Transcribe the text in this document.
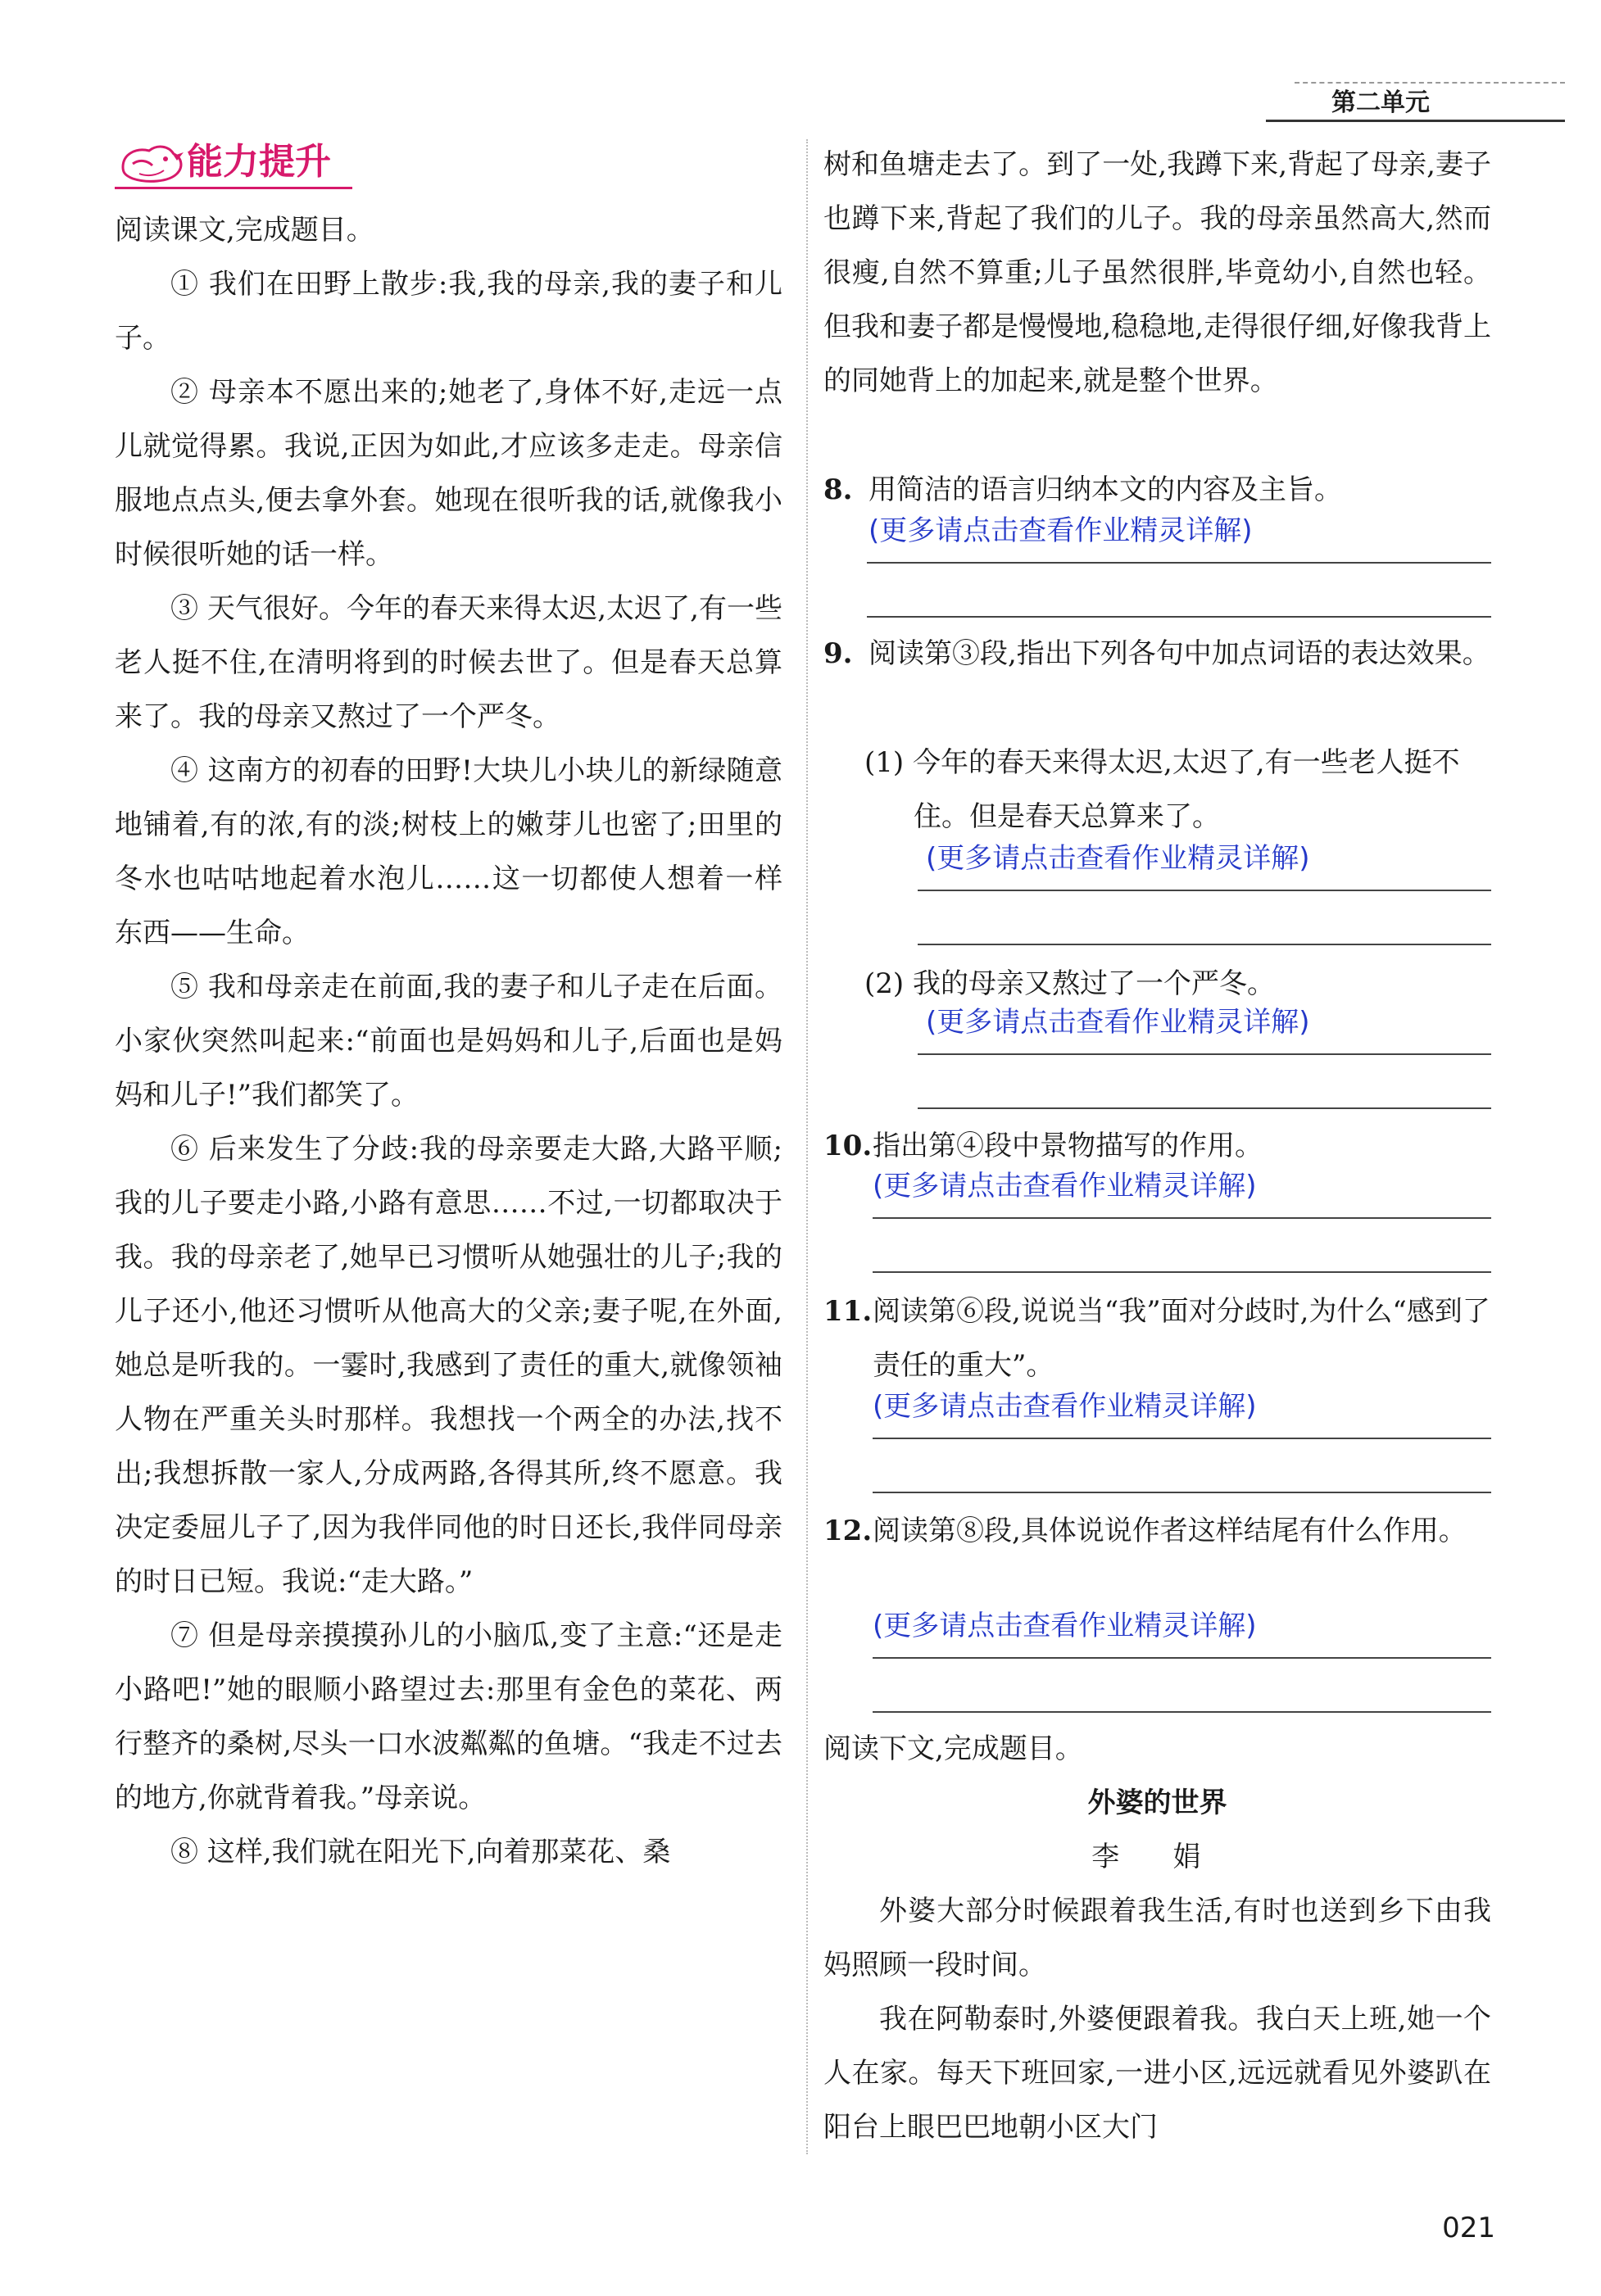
第二单元
能力提升

阅读课文,完成题目。

① 我们在田野上散步:我,我的母亲,我的妻子和儿子。

② 母亲本不愿出来的;她老了,身体不好,走远一点儿就觉得累。我说,正因为如此,才应该多走走。母亲信服地点点头,便去拿外套。她现在很听我的话,就像我小时候很听她的话一样。

③ 天气很好。今年的春天来得太迟,太迟了,有一些老人挺不住,在清明将到的时候去世了。但是春天总算来了。我的母亲又熬过了一个严冬。

④ 这南方的初春的田野!大块儿小块儿的新绿随意地铺着,有的浓,有的淡;树枝上的嫩芽儿也密了;田里的冬水也咕咕地起着水泡儿……这一切都使人想着一样东西——生命。

⑤ 我和母亲走在前面,我的妻子和儿子走在后面。小家伙突然叫起来:“前面也是妈妈和儿子,后面也是妈妈和儿子!”我们都笑了。

⑥ 后来发生了分歧:我的母亲要走大路,大路平顺;我的儿子要走小路,小路有意思……不过,一切都取决于我。我的母亲老了,她早已习惯听从她强壮的儿子;我的儿子还小,他还习惯听从他高大的父亲;妻子呢,在外面,她总是听我的。一霎时,我感到了责任的重大,就像领袖人物在严重关头时那样。我想找一个两全的办法,找不出;我想拆散一家人,分成两路,各得其所,终不愿意。我决定委屈儿子了,因为我伴同他的时日还长,我伴同母亲的时日已短。我说:“走大路。”

⑦ 但是母亲摸摸孙儿的小脑瓜,变了主意:“还是走小路吧!”她的眼顺小路望过去:那里有金色的菜花、两行整齐的桑树,尽头一口水波粼粼的鱼塘。“我走不过去的地方,你就背着我。”母亲说。

⑧ 这样,我们就在阳光下,向着那菜花、桑

树和鱼塘走去了。到了一处,我蹲下来,背起了母亲,妻子也蹲下来,背起了我们的儿子。我的母亲虽然高大,然而很瘦,自然不算重;儿子虽然很胖,毕竟幼小,自然也轻。但我和妻子都是慢慢地,稳稳地,走得很仔细,好像我背上的同她背上的加起来,就是整个世界。

8. 用简洁的语言归纳本文的内容及主旨。
(更多请点击查看作业精灵详解)
9. 阅读第③段,指出下列各句中加点词语的表达效果。
(1) 今年的春天来得太迟,太迟了,有一些老人挺不住。但是春天总算来了。
(更多请点击查看作业精灵详解)
(2) 我的母亲又熬过了一个严冬。
(更多请点击查看作业精灵详解)
10. 指出第④段中景物描写的作用。
(更多请点击查看作业精灵详解)
11. 阅读第⑥段,说说当“我”面对分歧时,为什么“感到了责任的重大”。
(更多请点击查看作业精灵详解)
12. 阅读第⑧段,具体说说作者这样结尾有什么作用。
(更多请点击查看作业精灵详解)
阅读下文,完成题目。
外婆的世界
李 娟

外婆大部分时候跟着我生活,有时也送到乡下由我妈照顾一段时间。

我在阿勒泰时,外婆便跟着我。我白天上班,她一个人在家。每天下班回家,一进小区,远远就看见外婆趴在阳台上眼巴巴地朝小区大门

021
